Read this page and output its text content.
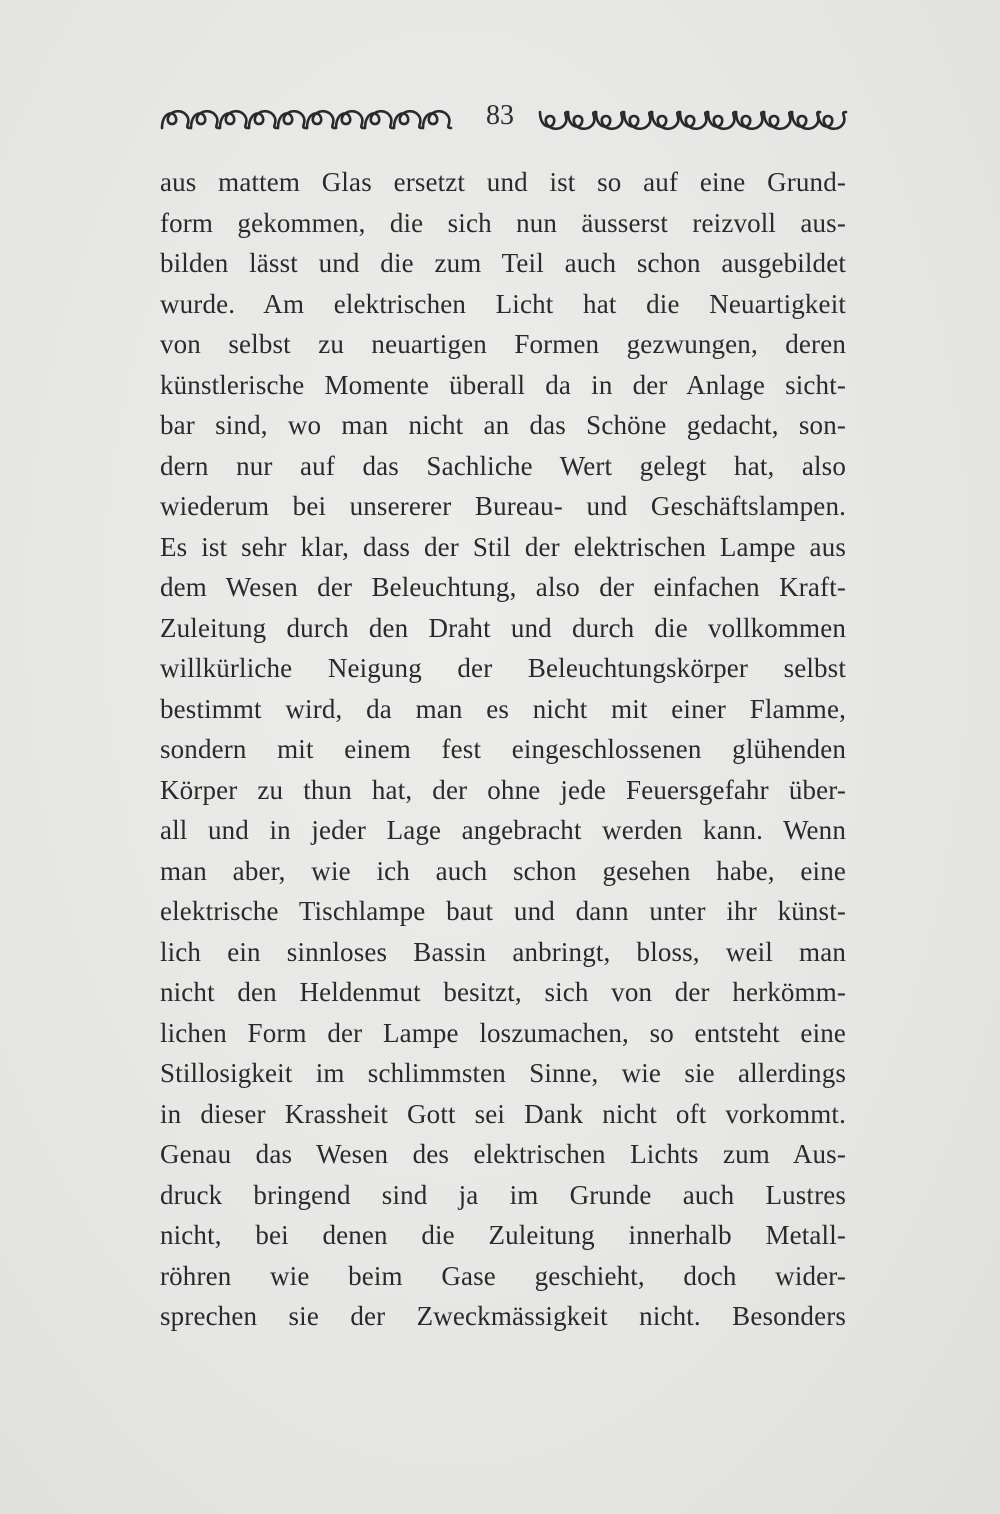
83
aus mattem Glas ersetzt und ist so auf eine Grund-
form gekommen, die sich nun äusserst reizvoll aus-
bilden lässt und die zum Teil auch schon ausgebildet
wurde. Am elektrischen Licht hat die Neuartigkeit
von selbst zu neuartigen Formen gezwungen, deren
künstlerische Momente überall da in der Anlage sicht-
bar sind, wo man nicht an das Schöne gedacht, son-
dern nur auf das Sachliche Wert gelegt hat, also
wiederum bei unsererer Bureau- und Geschäftslampen.
Es ist sehr klar, dass der Stil der elektrischen Lampe aus
dem Wesen der Beleuchtung, also der einfachen Kraft-
Zuleitung durch den Draht und durch die vollkommen
willkürliche Neigung der Beleuchtungskörper selbst
bestimmt wird, da man es nicht mit einer Flamme,
sondern mit einem fest eingeschlossenen glühenden
Körper zu thun hat, der ohne jede Feuersgefahr über-
all und in jeder Lage angebracht werden kann. Wenn
man aber, wie ich auch schon gesehen habe, eine
elektrische Tischlampe baut und dann unter ihr künst-
lich ein sinnloses Bassin anbringt, bloss, weil man
nicht den Heldenmut besitzt, sich von der herkömm-
lichen Form der Lampe loszumachen, so entsteht eine
Stillosigkeit im schlimmsten Sinne, wie sie allerdings
in dieser Krassheit Gott sei Dank nicht oft vorkommt.
Genau das Wesen des elektrischen Lichts zum Aus-
druck bringend sind ja im Grunde auch Lustres
nicht, bei denen die Zuleitung innerhalb Metall-
röhren wie beim Gase geschieht, doch wider-
sprechen sie der Zweckmässigkeit nicht. Besonders
